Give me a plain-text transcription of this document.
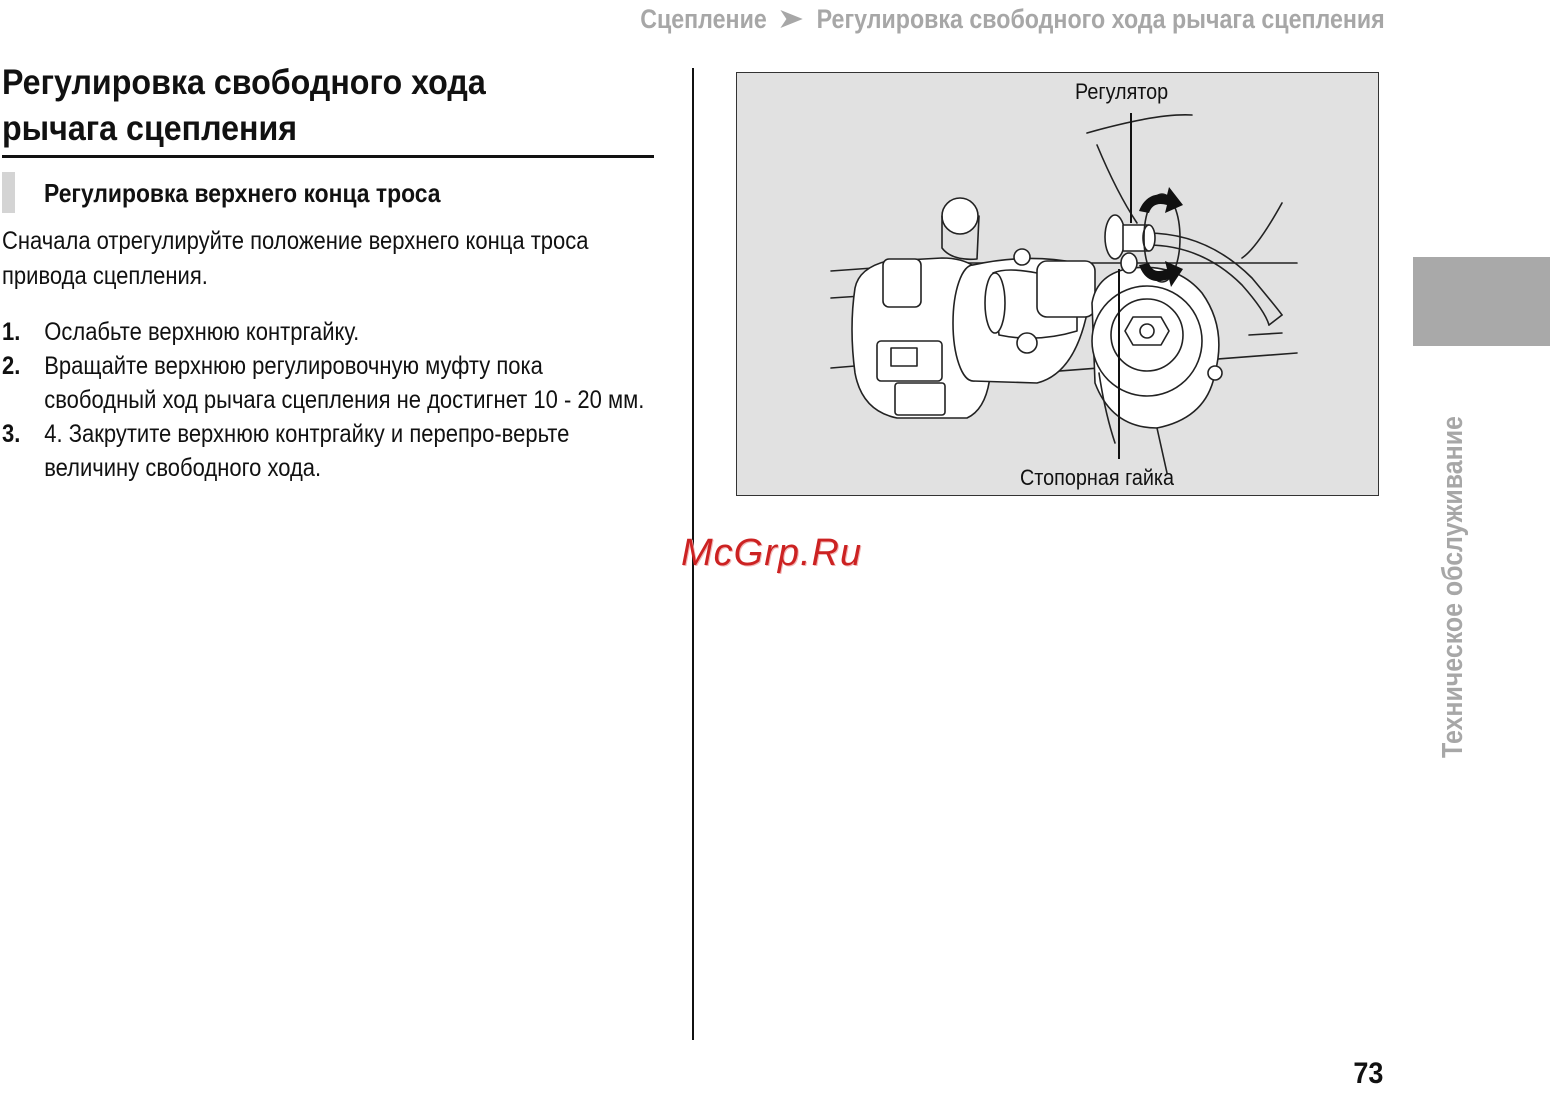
Сцепление Регулировка свободного хода рычага сцепления
Регулировка свободного хода рычага сцепления
Регулировка верхнего конца троса

Сначала отрегулируйте положение верхнего конца троса привода сцепления.

1. Ослабьте верхнюю контргайку.
2. Вращайте верхнюю регулировочную муфту пока свободный ход рычага сцепления не достигнет 10 - 20 мм.
3. 4. Закрутите верхнюю контргайку и перепро-верьте величину свободного хода.
Регулятор
Стопорная гайка
McGrp.Ru	Техническое обслуживание
73
